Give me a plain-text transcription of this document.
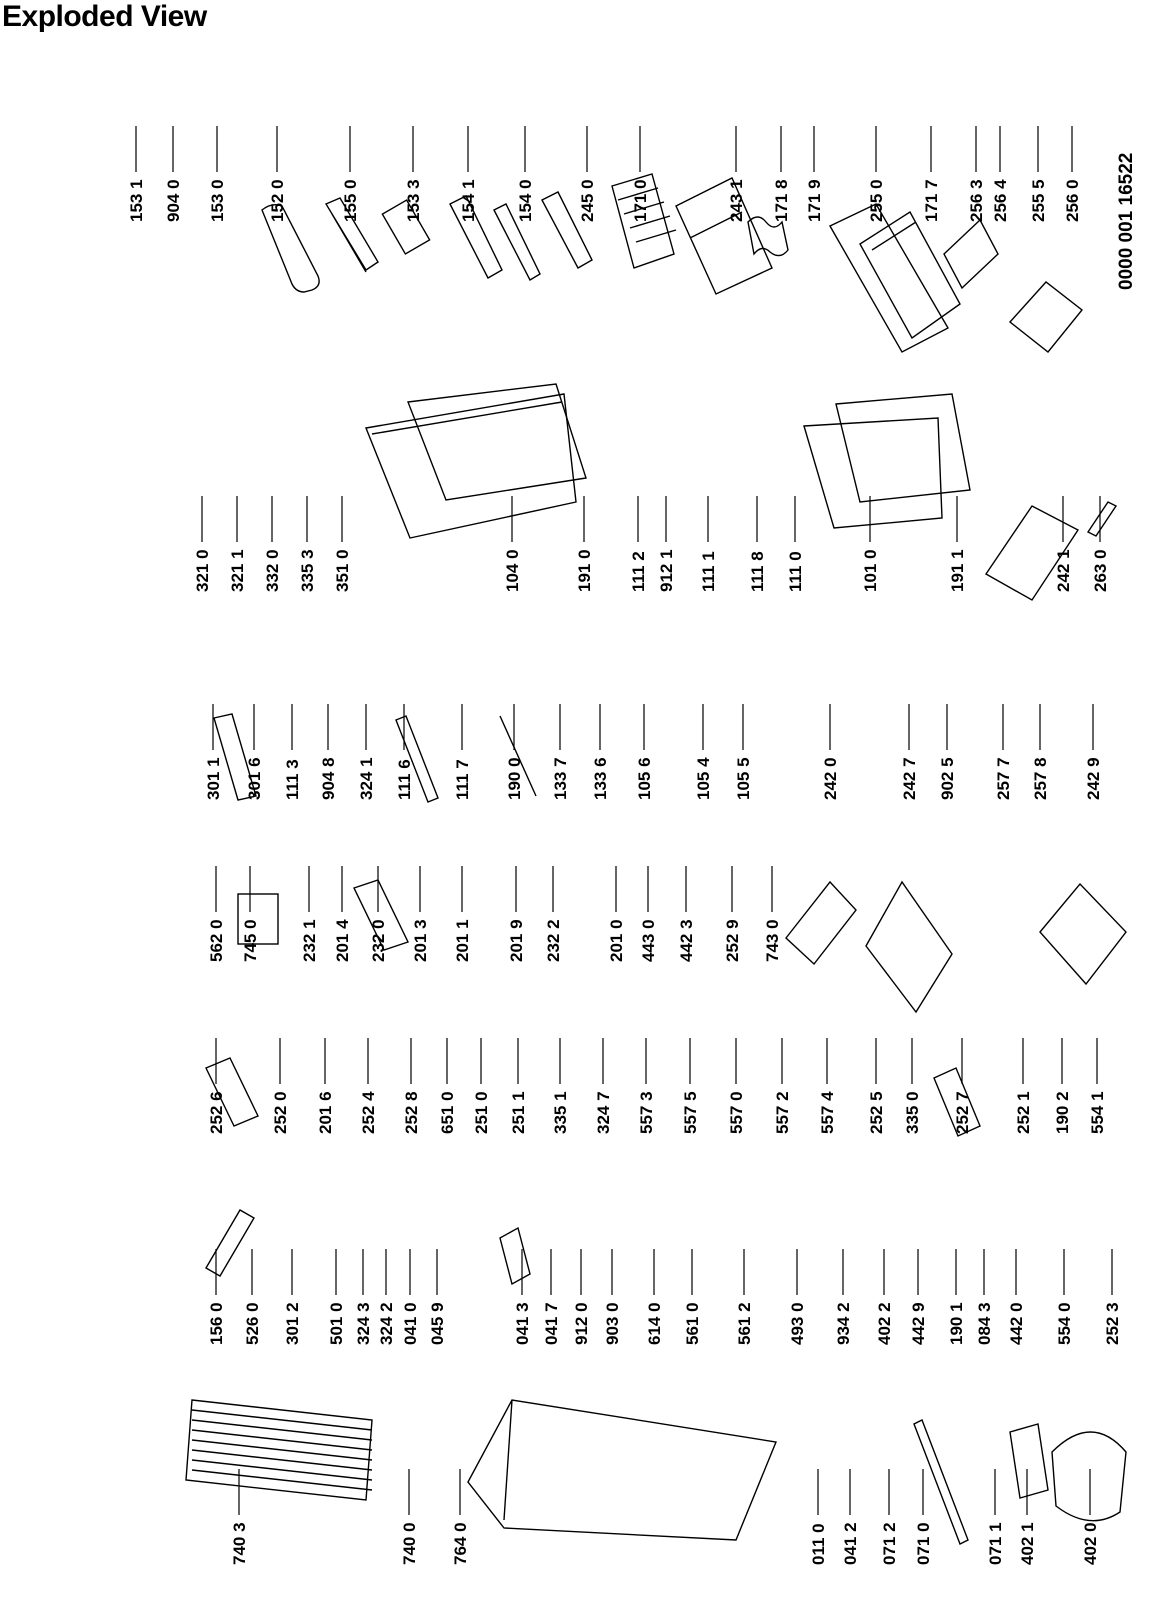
Exploded View
0000 001 16522
153 1 904 0 153 0 152 0	155 0	153 3 154 1 154 0	245 0 171 0	243 1 171 8 171 9	255 0 171 7 256 3 256 4 255 5 256 0
321 0 321 1 332 0 335 3 351 0	104 0	191 0 111 2 912 1 111 1 111 8 111 0	101 0	191 1	242 1 263 0
301 1 301 6 111 3 904 8 324 1 111 6 111 7 190 0 133 7 133 6 105 6 105 4 105 5	242 0	242 7 902 5 257 7 257 8 242 9
562 0 745 0 232 1 201 4 232 0 201 3 201 1 201 9 232 2	201 0 443 0 442 3 252 9 743 0
252 6	252 0 201 6 252 4 252 8 651 0 251 0 251 1 335 1 324 7 557 3 557 5 557 0 557 2 557 4 252 5 335 0 252 7 252 1 190 2 554 1
156 0 526 0 301 2 501 0 324 3 324 2 041 0 045 9	041 3 041 7 912 0 903 0 614 0 561 0 561 2 493 0 934 2 402 2 442 9 190 1 084 3 442 0 554 0 252 3
740 3	740 0 764 0	011 0 041 2 071 2 071 0	071 1 402 1	402 0
